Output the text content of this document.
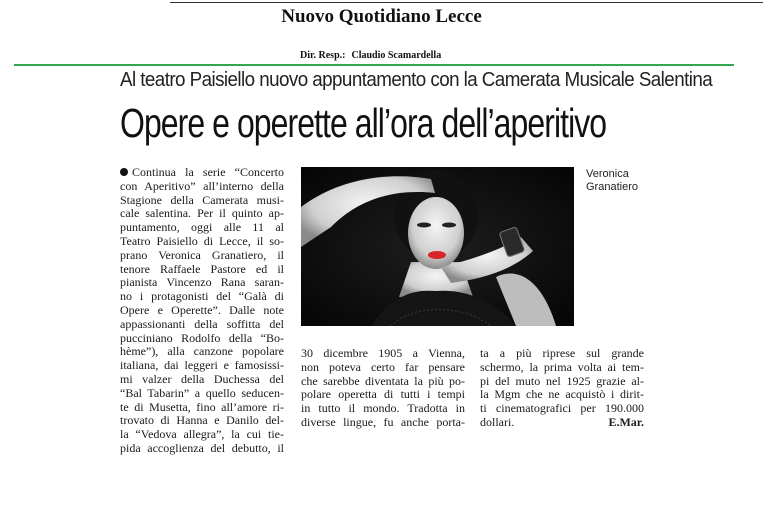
Nuovo Quotidiano Lecce
Dir. Resp.: Claudio Scamardella
Al teatro Paisiello nuovo appuntamento con la Camerata Musicale Salentina
Opere e operette all’ora dell’aperitivo
Continua la serie “Concerto
con Aperitivo” all’interno della
Stagione della Camerata musi-
cale salentina. Per il quinto ap-
puntamento, oggi alle 11 al
Teatro Paisiello di Lecce, il so-
prano Veronica Granatiero, il
tenore Raffaele Pastore ed il
pianista Vincenzo Rana saran-
no i protagonisti del “Galà di
Opere e Operette”. Dalle note
appassionanti della soffitta del
pucciniano Rodolfo della “Bo-
hème”), alla canzone popolare
italiana, dai leggeri e famosissi-
mi valzer della Duchessa del
“Bal Tabarin” a quello seducen-
te di Musetta, fino all’amore ri-
trovato di Hanna e Danilo del-
la “Vedova allegra”, la cui tie-
pida accoglienza del debutto, il
Veronica
Granatiero
30 dicembre 1905 a Vienna,
non poteva certo far pensare
che sarebbe diventata la più po-
polare operetta di tutti i tempi
in tutto il mondo. Tradotta in
diverse lingue, fu anche porta-
ta a più riprese sul grande
schermo, la prima volta ai tem-
pi del muto nel 1925 grazie al-
la Mgm che ne acquistò i dirit-
ti cinematografici per 190.000
dollari.	E.Mar.
